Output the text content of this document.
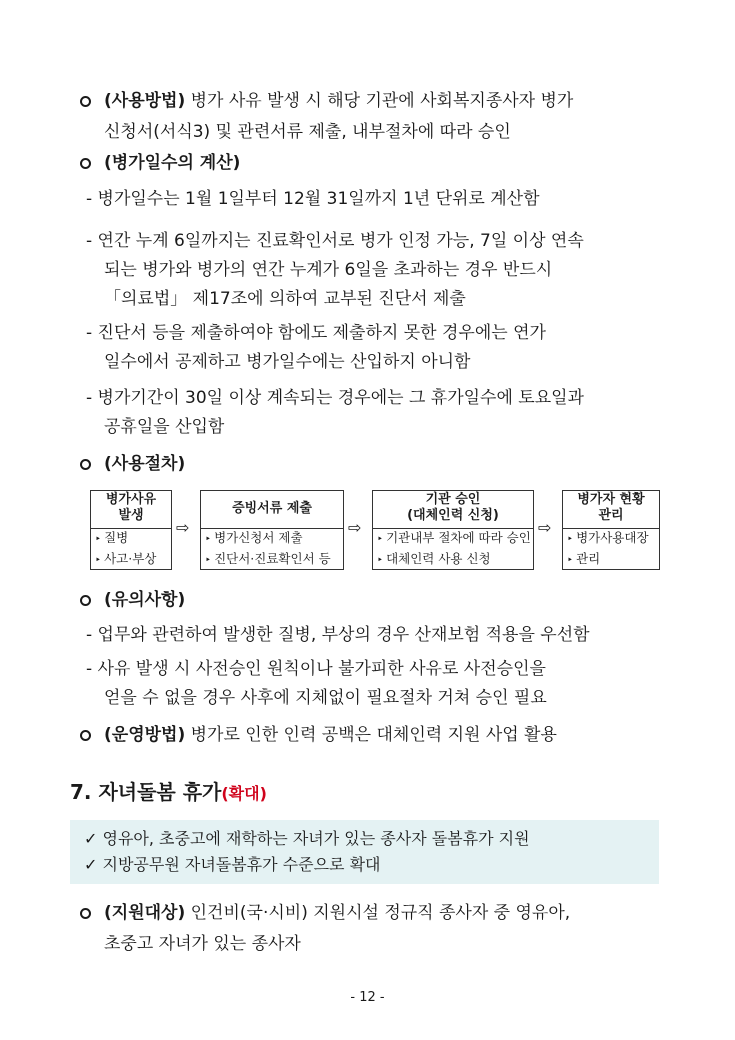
(사용방법) 병가 사유 발생 시 해당 기관에 사회복지종사자 병가
신청서(서식3) 및 관련서류 제출, 내부절차에 따라 승인
(병가일수의 계산)
- 병가일수는 1월 1일부터 12월 31일까지 1년 단위로 계산함
- 연간 누계 6일까지는 진료확인서로 병가 인정 가능, 7일 이상 연속
되는 병가와 병가의 연간 누계가 6일을 초과하는 경우 반드시
「의료법」 제17조에 의하여 교부된 진단서 제출
- 진단서 등을 제출하여야 함에도 제출하지 못한 경우에는 연가
일수에서 공제하고 병가일수에는 산입하지 아니함
- 병가기간이 30일 이상 계속되는 경우에는 그 휴가일수에 토요일과
공휴일을 산입함
(사용절차)
병가사유
발생
‣ 질병
‣ 사고·부상
⇨
증빙서류 제출
‣ 병가신청서 제출
‣ 진단서·진료확인서 등
⇨
기관 승인
(대체인력 신청)
‣ 기관내부 절차에 따라 승인
‣ 대체인력 사용 신청
⇨
병가자 현황
관리
‣ 병가사용대장
‣ 관리
(유의사항)
- 업무와 관련하여 발생한 질병, 부상의 경우 산재보험 적용을 우선함
- 사유 발생 시 사전승인 원칙이나 불가피한 사유로 사전승인을
얻을 수 없을 경우 사후에 지체없이 필요절차 거쳐 승인 필요
(운영방법) 병가로 인한 인력 공백은 대체인력 지원 사업 활용
7. 자녀돌봄 휴가(확대)
✓ 영유아, 초중고에 재학하는 자녀가 있는 종사자 돌봄휴가 지원
✓ 지방공무원 자녀돌봄휴가 수준으로 확대
(지원대상) 인건비(국·시비) 지원시설 정규직 종사자 중 영유아,
초중고 자녀가 있는 종사자
- 12 -
